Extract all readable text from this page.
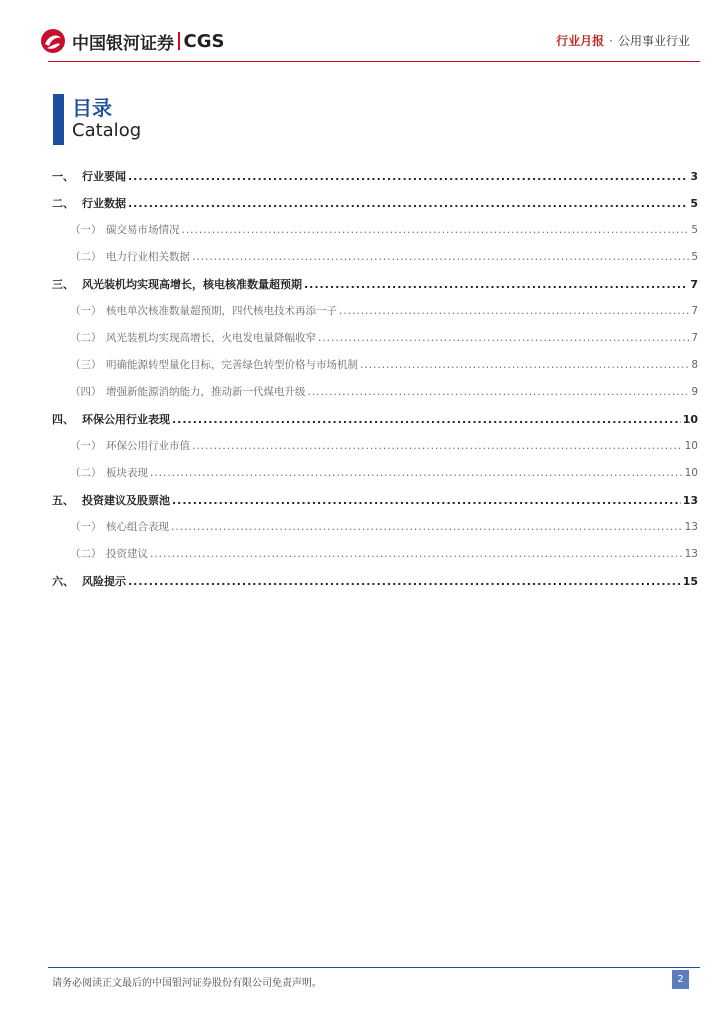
中国银河证券 CGS	行业月报 · 公用事业行业
目录
Catalog
一、 行业要闻 .....	3
二、 行业数据 .....	5
（一） 碳交易市场情况 .....	5
（二） 电力行业相关数据 .....	5
三、 风光装机均实现高增长，核电核准数量超预期 .....	7
（一） 核电单次核准数量超预期，四代核电技术再添一子 .....	7
（二） 风光装机均实现高增长，火电发电量降幅收窄 .....	7
（三） 明确能源转型量化目标，完善绿色转型价格与市场机制 .....	8
（四） 增强新能源消纳能力，推动新一代煤电升级 .....	9
四、 环保公用行业表现 .....	10
（一） 环保公用行业市值 .....	10
（二） 板块表现 .....	10
五、 投资建议及股票池 .....	13
（一） 核心组合表现 .....	13
（二） 投资建议 .....	13
六、 风险提示 .....	15
请务必阅读正文最后的中国银河证券股份有限公司免责声明。	2
